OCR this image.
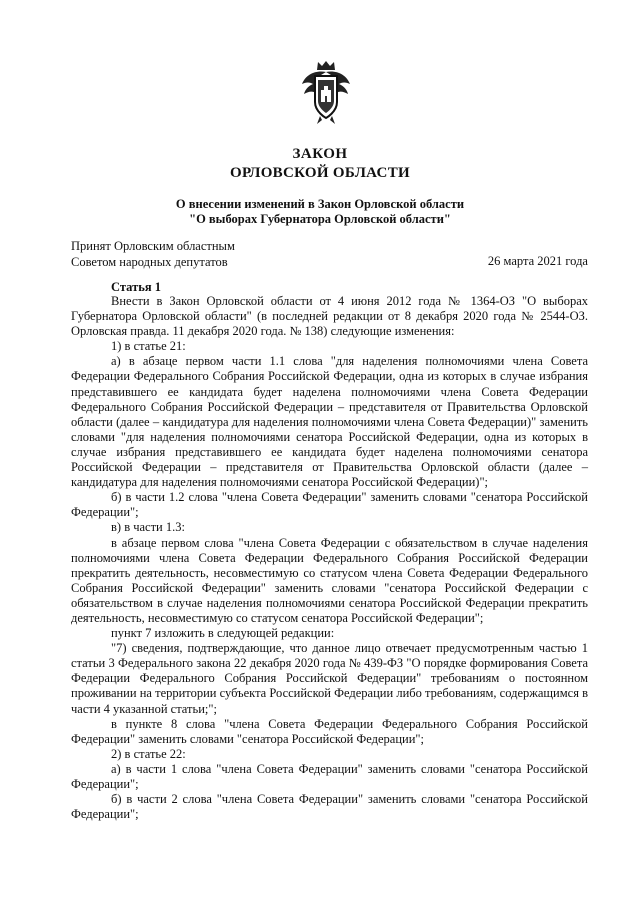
ЗАКОН
ОРЛОВСКОЙ ОБЛАСТИ
О внесении изменений в Закон Орловской области
"О выборах Губернатора Орловской области"
Принят Орловским областным
Советом народных депутатов	26 марта 2021 года
Статья 1

Внести в Закон Орловской области от 4 июня 2012 года № 1364-ОЗ "О выборах Губернатора Орловской области" (в последней редакции от 8 декабря 2020 года № 2544-ОЗ. Орловская правда. 11 декабря 2020 года. № 138) следующие изменения:

1) в статье 21:

а) в абзаце первом части 1.1 слова "для наделения полномочиями члена Совета Федерации Федерального Собрания Российской Федерации, одна из которых в случае избрания представившего ее кандидата будет наделена полномочиями члена Совета Федерации Федерального Собрания Российской Федерации – представителя от Правительства Орловской области (далее – кандидатура для наделения полномочиями члена Совета Федерации)" заменить словами "для наделения полномочиями сенатора Российской Федерации, одна из которых в случае избрания представившего ее кандидата будет наделена полномочиями сенатора Российской Федерации – представителя от Правительства Орловской области (далее – кандидатура для наделения полномочиями сенатора Российской Федерации)";

б) в части 1.2 слова "члена Совета Федерации" заменить словами "сенатора Российской Федерации";

в) в части 1.3:

в абзаце первом слова "члена Совета Федерации с обязательством в случае наделения полномочиями члена Совета Федерации Федерального Собрания Российской Федерации прекратить деятельность, несовместимую со статусом члена Совета Федерации Федерального Собрания Российской Федерации" заменить словами "сенатора Российской Федерации с обязательством в случае наделения полномочиями сенатора Российской Федерации прекратить деятельность, несовместимую со статусом сенатора Российской Федерации";

пункт 7 изложить в следующей редакции:

"7) сведения, подтверждающие, что данное лицо отвечает предусмотренным частью 1 статьи 3 Федерального закона 22 декабря 2020 года № 439-ФЗ "О порядке формирования Совета Федерации Федерального Собрания Российской Федерации" требованиям о постоянном проживании на территории субъекта Российской Федерации либо требованиям, содержащимся в части 4 указанной статьи;";

в пункте 8 слова "члена Совета Федерации Федерального Собрания Российской Федерации" заменить словами "сенатора Российской Федерации";

2) в статье 22:

а) в части 1 слова "члена Совета Федерации" заменить словами "сенатора Российской Федерации";

б) в части 2 слова "члена Совета Федерации" заменить словами "сенатора Российской Федерации";
